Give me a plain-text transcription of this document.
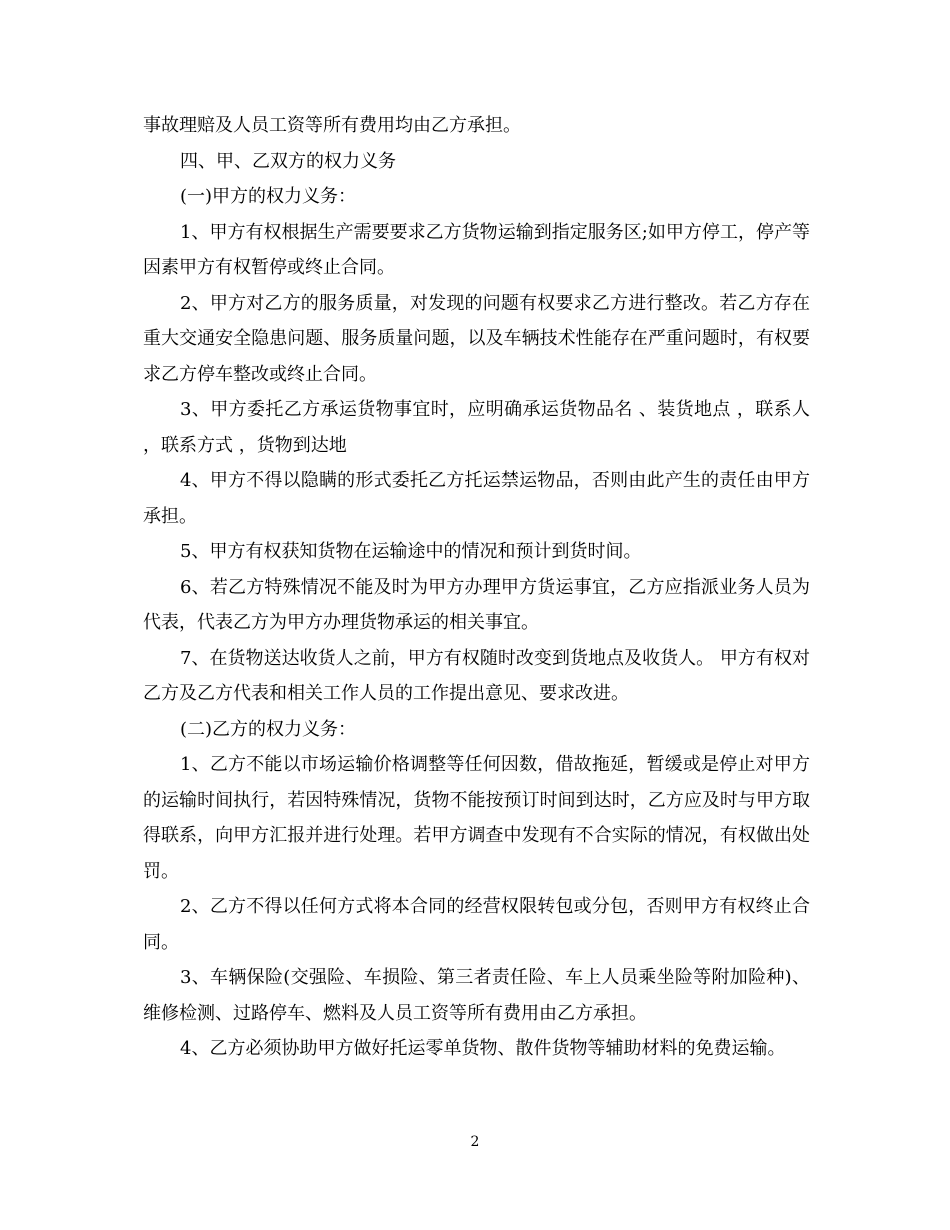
事故理赔及人员工资等所有费用均由乙方承担。

四、甲、乙双方的权力义务

(一)甲方的权力义务：

1、甲方有权根据生产需要要求乙方货物运输到指定服务区;如甲方停工，停产等因素甲方有权暂停或终止合同。

2、甲方对乙方的服务质量，对发现的问题有权要求乙方进行整改。若乙方存在重大交通安全隐患问题、服务质量问题，以及车辆技术性能存在严重问题时，有权要求乙方停车整改或终止合同。

3、甲方委托乙方承运货物事宜时，应明确承运货物品名 、装货地点 ，联系人 ，联系方式 ，货物到达地

4、甲方不得以隐瞒的形式委托乙方托运禁运物品，否则由此产生的责任由甲方承担。

5、甲方有权获知货物在运输途中的情况和预计到货时间。

6、若乙方特殊情况不能及时为甲方办理甲方货运事宜，乙方应指派业务人员为代表，代表乙方为甲方办理货物承运的相关事宜。

7、在货物送达收货人之前，甲方有权随时改变到货地点及收货人。 甲方有权对乙方及乙方代表和相关工作人员的工作提出意见、要求改进。

(二)乙方的权力义务：

1、乙方不能以市场运输价格调整等任何因数，借故拖延，暂缓或是停止对甲方的运输时间执行，若因特殊情况，货物不能按预订时间到达时，乙方应及时与甲方取得联系，向甲方汇报并进行处理。若甲方调查中发现有不合实际的情况，有权做出处罚。

2、乙方不得以任何方式将本合同的经营权限转包或分包，否则甲方有权终止合同。

3、车辆保险(交强险、车损险、第三者责任险、车上人员乘坐险等附加险种)、维修检测、过路停车、燃料及人员工资等所有费用由乙方承担。

4、乙方必须协助甲方做好托运零单货物、散件货物等辅助材料的免费运输。

2
